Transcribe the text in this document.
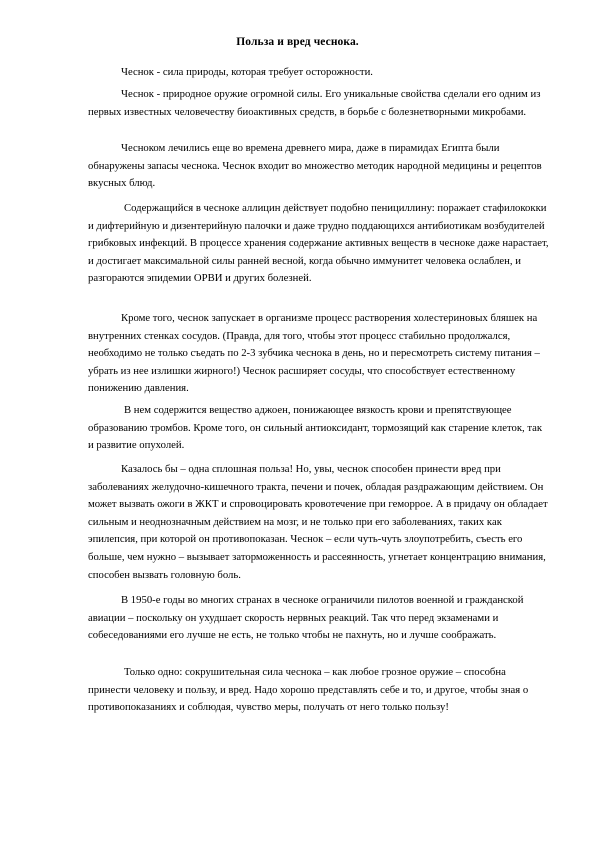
Польза и вред чеснока.

Чеснок - сила природы, которая требует осторожности.

Чеснок - природное оружие огромной силы. Его уникальные свойства сделали его одним из первых известных человечеству биоактивных средств, в борьбе с болезнетворными микробами.

Чесноком лечились еще во времена древнего мира, даже в пирамидах Египта были обнаружены запасы чеснока. Чеснок входит во множество методик народной медицины и рецептов вкусных блюд.

Содержащийся в чесноке аллицин действует подобно пенициллину: поражает стафилококки и дифтерийную и дизентерийную палочки и даже трудно поддающихся антибиотикам возбудителей грибковых инфекций. В процессе хранения содержание активных веществ в чесноке даже нарастает, и достигает максимальной силы ранней весной, когда обычно иммунитет человека ослаблен, и разгораются эпидемии ОРВИ и других болезней.

Кроме того, чеснок запускает в организме процесс растворения холестериновых бляшек на внутренних стенках сосудов. (Правда, для того, чтобы этот процесс стабильно продолжался, необходимо не только съедать по 2-3 зубчика чеснока в день, но и пересмотреть систему питания – убрать из нее излишки жирного!) Чеснок расширяет сосуды, что способствует естественному понижению давления.

В нем содержится вещество аджоен, понижающее вязкость крови и препятствующее образованию тромбов. Кроме того, он сильный антиоксидант, тормозящий как старение клеток, так и развитие опухолей.

Казалось бы – одна сплошная польза! Но, увы, чеснок способен принести вред при заболеваниях желудочно-кишечного тракта, печени и почек, обладая раздражающим действием. Он может вызвать ожоги в ЖКТ и спровоцировать кровотечение при геморрое. А в придачу он обладает сильным и неоднозначным действием на мозг, и не только при его заболеваниях, таких как эпилепсия, при которой он противопоказан. Чеснок – если чуть-чуть злоупотребить, съесть его больше, чем нужно – вызывает заторможенность и рассеянность, угнетает концентрацию внимания, способен вызвать головную боль.

В 1950-е годы во многих странах в чесноке ограничили пилотов военной и гражданской авиации – поскольку он ухудшает скорость нервных реакций. Так что перед экзаменами и собеседованиями его лучше не есть, не только чтобы не пахнуть, но и лучше соображать.

Только одно: сокрушительная сила чеснока – как любое грозное оружие – способна принести человеку и пользу, и вред. Надо хорошо представлять себе и то, и другое, чтобы зная о противопоказаниях и соблюдая, чувство меры, получать от него только пользу!
